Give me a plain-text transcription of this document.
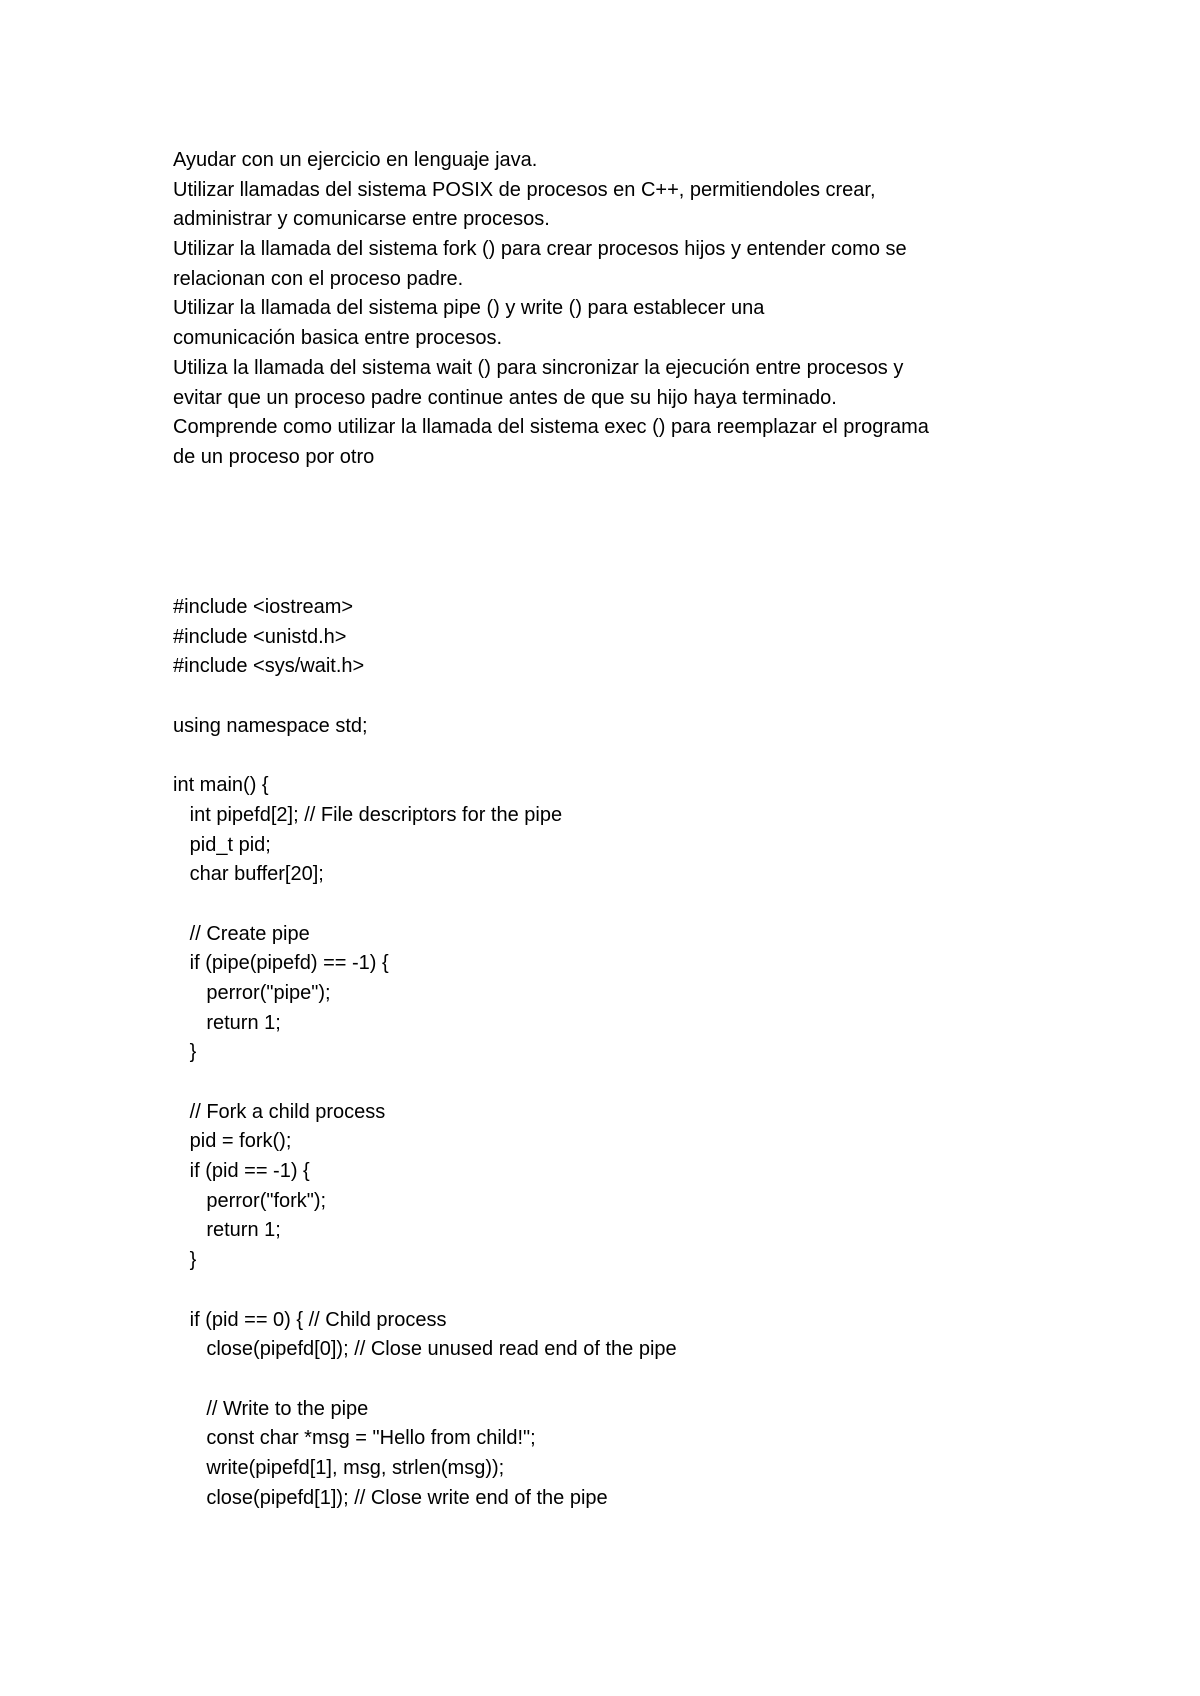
Ayudar con un ejercicio en lenguaje java.
Utilizar llamadas del sistema POSIX de procesos en C++, permitiendoles crear,
administrar y comunicarse entre procesos.
Utilizar la llamada del sistema fork () para crear procesos hijos y entender como se
relacionan con el proceso padre.
Utilizar la llamada del sistema pipe () y write () para establecer una
comunicación basica entre procesos.
Utiliza la llamada del sistema wait () para sincronizar la ejecución entre procesos y
evitar que un proceso padre continue antes de que su hijo haya terminado.
Comprende como utilizar la llamada del sistema exec () para reemplazar el programa
de un proceso por otro
#include <iostream>
#include <unistd.h>
#include <sys/wait.h>
using namespace std;
int main() {
int pipefd[2]; // File descriptors for the pipe
pid_t pid;
char buffer[20];
// Create pipe
if (pipe(pipefd) == -1) {
perror("pipe");
return 1;
}
// Fork a child process
pid = fork();
if (pid == -1) {
perror("fork");
return 1;
}
if (pid == 0) { // Child process
close(pipefd[0]); // Close unused read end of the pipe
// Write to the pipe
const char *msg = "Hello from child!";
write(pipefd[1], msg, strlen(msg));
close(pipefd[1]); // Close write end of the pipe
